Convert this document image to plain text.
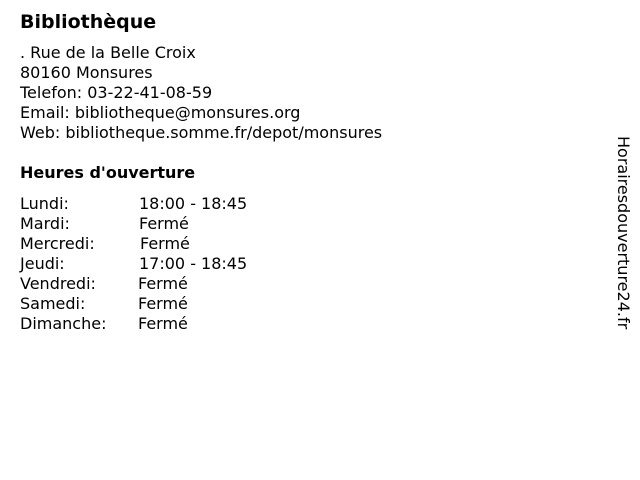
Bibliothèque
. Rue de la Belle Croix
80160 Monsures
Telefon: 03-22-41-08-59
Email: bibliotheque@monsures.org
Web: bibliotheque.somme.fr/depot/monsures
Heures d'ouverture
Lundi:	18:00 - 18:45
Mardi:	Fermé
Mercredi:	Fermé
Jeudi:	17:00 - 18:45
Vendredi:	Fermé
Samedi:	Fermé
Dimanche: Fermé	Horairesdouverture24.fr
